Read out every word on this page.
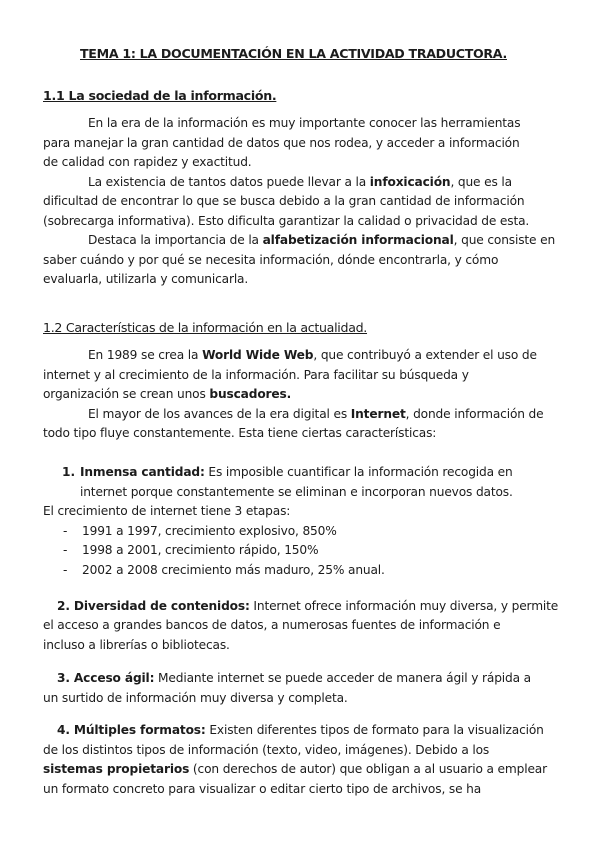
TEMA 1: LA DOCUMENTACIÓN EN LA ACTIVIDAD TRADUCTORA.

1.1 La sociedad de la información.

En la era de la información es muy importante conocer las herramientas

para manejar la gran cantidad de datos que nos rodea, y acceder a información

de calidad con rapidez y exactitud.

La existencia de tantos datos puede llevar a la infoxicación, que es la

dificultad de encontrar lo que se busca debido a la gran cantidad de información

(sobrecarga informativa). Esto dificulta garantizar la calidad o privacidad de esta.

Destaca la importancia de la alfabetización informacional, que consiste en

saber cuándo y por qué se necesita información, dónde encontrarla, y cómo

evaluarla, utilizarla y comunicarla.

1.2 Características de la información en la actualidad.

En 1989 se crea la World Wide Web, que contribuyó a extender el uso de

internet y al crecimiento de la información. Para facilitar su búsqueda y

organización se crean unos buscadores.

El mayor de los avances de la era digital es Internet, donde información de

todo tipo fluye constantemente. Esta tiene ciertas características:

1. Inmensa cantidad: Es imposible cuantificar la información recogida en

internet porque constantemente se eliminan e incorporan nuevos datos.

El crecimiento de internet tiene 3 etapas:

- 1991 a 1997, crecimiento explosivo, 850%

- 1998 a 2001, crecimiento rápido, 150%

- 2002 a 2008 crecimiento más maduro, 25% anual.

2. Diversidad de contenidos: Internet ofrece información muy diversa, y permite

el acceso a grandes bancos de datos, a numerosas fuentes de información e

incluso a librerías o bibliotecas.

3. Acceso ágil: Mediante internet se puede acceder de manera ágil y rápida a

un surtido de información muy diversa y completa.

4. Múltiples formatos: Existen diferentes tipos de formato para la visualización

de los distintos tipos de información (texto, video, imágenes). Debido a los

sistemas propietarios (con derechos de autor) que obligan a al usuario a emplear

un formato concreto para visualizar o editar cierto tipo de archivos, se ha
